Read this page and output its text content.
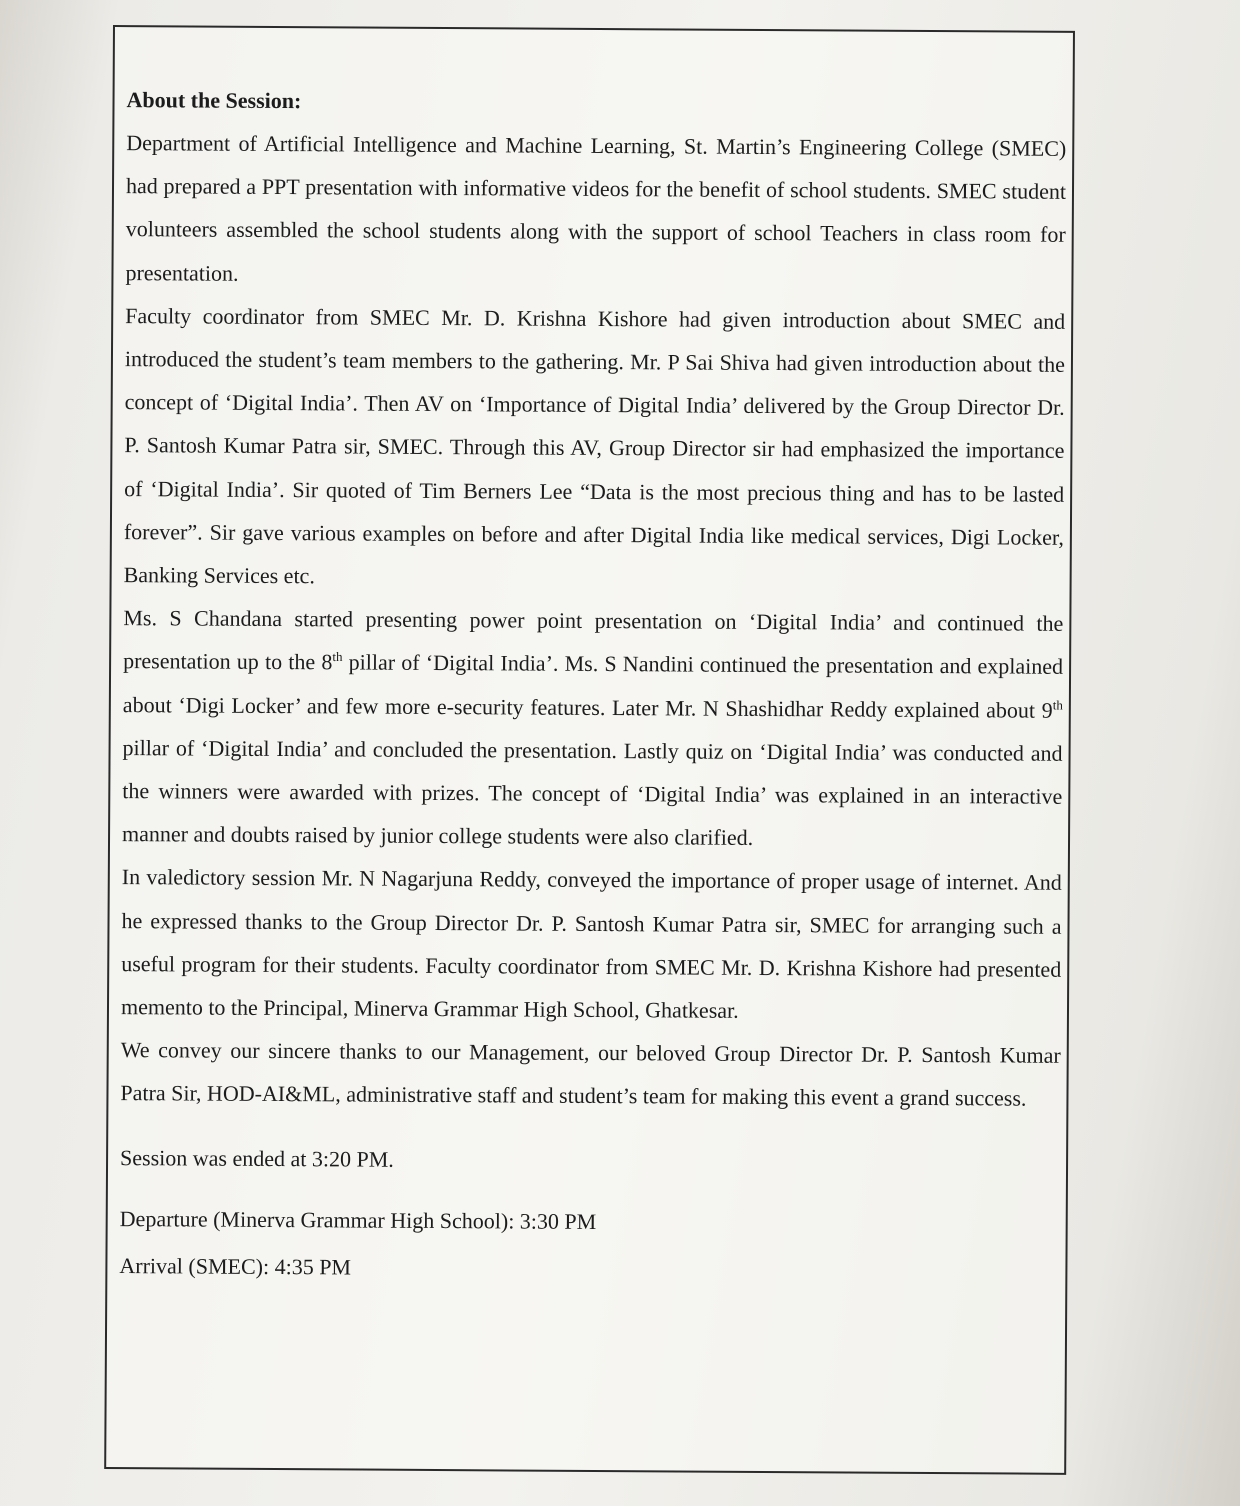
About the Session:

Department of Artificial Intelligence and Machine Learning, St. Martin’s Engineering College (SMEC) had prepared a PPT presentation with informative videos for the benefit of school students. SMEC student volunteers assembled the school students along with the support of school Teachers in class room for presentation.

Faculty coordinator from SMEC Mr. D. Krishna Kishore had given introduction about SMEC and introduced the student’s team members to the gathering. Mr. P Sai Shiva had given introduction about the concept of ‘Digital India’. Then AV on ‘Importance of Digital India’ delivered by the Group Director Dr. P. Santosh Kumar Patra sir, SMEC. Through this AV, Group Director sir had emphasized the importance of ‘Digital India’. Sir quoted of Tim Berners Lee “Data is the most precious thing and has to be lasted forever”. Sir gave various examples on before and after Digital India like medical services, Digi Locker, Banking Services etc.

Ms. S Chandana started presenting power point presentation on ‘Digital India’ and continued the presentation up to the 8th pillar of ‘Digital India’. Ms. S Nandini continued the presentation and explained about ‘Digi Locker’ and few more e-security features. Later Mr. N Shashidhar Reddy explained about 9th pillar of ‘Digital India’ and concluded the presentation. Lastly quiz on ‘Digital India’ was conducted and the winners were awarded with prizes. The concept of ‘Digital India’ was explained in an interactive manner and doubts raised by junior college students were also clarified.

In valedictory session Mr. N Nagarjuna Reddy, conveyed the importance of proper usage of internet. And he expressed thanks to the Group Director Dr. P. Santosh Kumar Patra sir, SMEC for arranging such a useful program for their students. Faculty coordinator from SMEC Mr. D. Krishna Kishore had presented memento to the Principal, Minerva Grammar High School, Ghatkesar.

We convey our sincere thanks to our Management, our beloved Group Director Dr. P. Santosh Kumar Patra Sir, HOD-AI&ML, administrative staff and student’s team for making this event a grand success.

Session was ended at 3:20 PM.

Departure (Minerva Grammar High School): 3:30 PM

Arrival (SMEC): 4:35 PM
